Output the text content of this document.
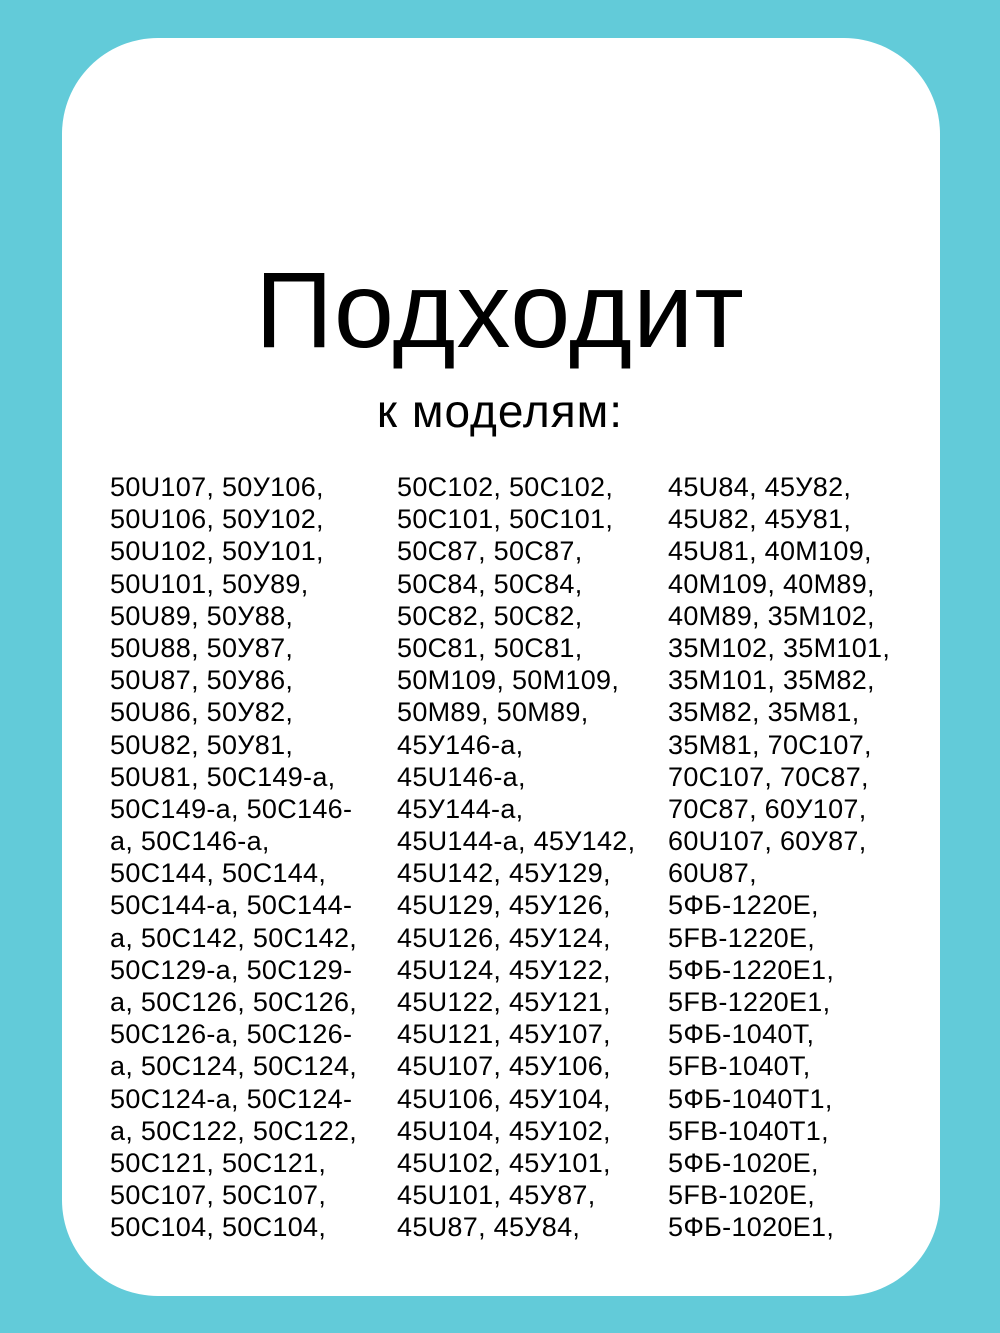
Подходит
к моделям:
50U107, 50У106,
50U106, 50У102,
50U102, 50У101,
50U101, 50У89,
50U89, 50У88,
50U88, 50У87,
50U87, 50У86,
50U86, 50У82,
50U82, 50У81,
50U81, 50C149-a,
50C149-a, 50C146-
a, 50C146-a,
50C144, 50C144,
50C144-a, 50C144-
a, 50C142, 50C142,
50C129-a, 50C129-
a, 50C126, 50C126,
50C126-a, 50C126-
a, 50C124, 50C124,
50C124-a, 50C124-
a, 50C122, 50C122,
50C121, 50C121,
50C107, 50C107,
50C104, 50C104,
50C102, 50C102,
50C101, 50C101,
50C87, 50C87,
50C84, 50C84,
50C82, 50C82,
50C81, 50C81,
50M109, 50M109,
50M89, 50M89,
45У146-a,
45U146-a,
45У144-a,
45U144-a, 45У142,
45U142, 45У129,
45U129, 45У126,
45U126, 45У124,
45U124, 45У122,
45U122, 45У121,
45U121, 45У107,
45U107, 45У106,
45U106, 45У104,
45U104, 45У102,
45U102, 45У101,
45U101, 45У87,
45U87, 45У84,
45U84, 45У82,
45U82, 45У81,
45U81, 40M109,
40M109, 40M89,
40M89, 35M102,
35M102, 35M101,
35M101, 35M82,
35M82, 35M81,
35M81, 70C107,
70C107, 70C87,
70C87, 60У107,
60U107, 60У87,
60U87,
5ФБ-1220E,
5FB-1220E,
5ФБ-1220E1,
5FB-1220E1,
5ФБ-1040T,
5FB-1040T,
5ФБ-1040T1,
5FB-1040T1,
5ФБ-1020E,
5FB-1020E,
5ФБ-1020E1,
